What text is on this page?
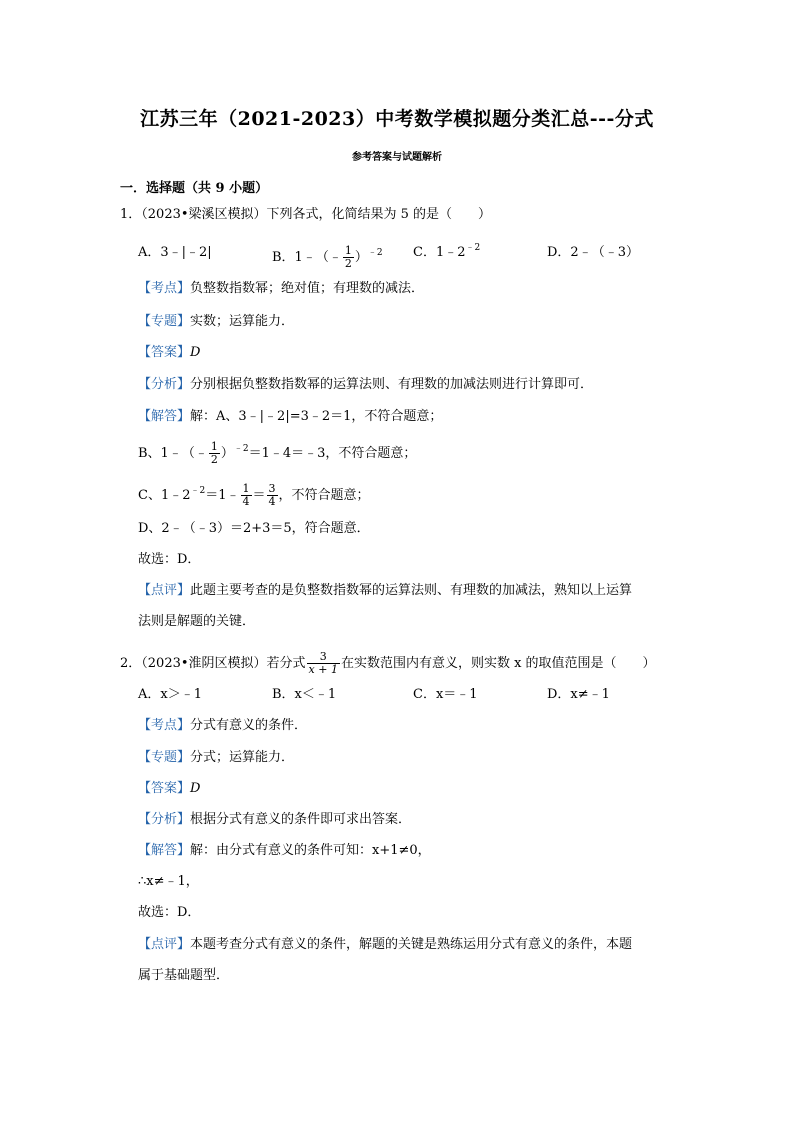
江苏三年（2021-2023）中考数学模拟题分类汇总---分式
参考答案与试题解析
一．选择题（共 9 小题）
1．（2023•梁溪区模拟）下列各式，化简结果为 5 的是（　　）
A．3﹣|﹣2|	B．1﹣（﹣ $\frac{1}{2} )^{﹣2}$ C．$1﹣2^{﹣2}$	D．2﹣（﹣3）
【考点】负整数指数幂；绝对值；有理数的减法．
【专题】实数；运算能力．
【答案】D
【分析】分别根据负整数指数幂的运算法则、有理数的加减法则进行计算即可．
【解答】解：A、3﹣|﹣2|=3﹣2＝1，不符合题意；
B、1﹣（﹣ $\frac{1}{2}$ ）$^{﹣2}$＝1﹣4＝﹣3，不符合题意；
C、$1﹣2^{﹣2}=1﹣ \frac{1}{4} = \frac{3}{4}$ ，不符合题意；
D、2﹣（﹣3）＝2+3＝5，符合题意．
故选：D．
【点评】此题主要考查的是负整数指数幂的运算法则、有理数的加减法，熟知以上运算
法则是解题的关键．
2．（2023•淮阴区模拟）若分式 $\frac{3}{x + 1}$ 在实数范围内有意义，则实数 x 的取值范围是（　　）
A．x＞﹣1	B．x＜﹣1	C．x＝﹣1	D．x≠﹣1
【考点】分式有意义的条件．
【专题】分式；运算能力．
【答案】D
【分析】根据分式有意义的条件即可求出答案．
【解答】解：由分式有意义的条件可知：x+1≠0，
∴x≠﹣1，
故选：D．
【点评】本题考查分式有意义的条件，解题的关键是熟练运用分式有意义的条件，本题
属于基础题型．
